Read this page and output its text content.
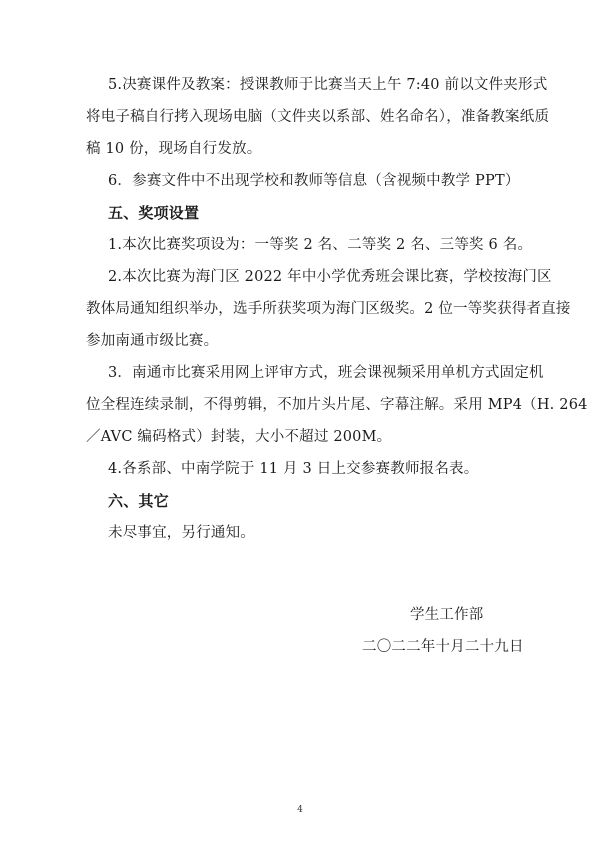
5.决赛课件及教案：授课教师于比赛当天上午 7:40 前以文件夹形式
将电子稿自行拷入现场电脑（文件夹以系部、姓名命名），准备教案纸质
稿 10 份，现场自行发放。
6．参赛文件中不出现学校和教师等信息（含视频中教学 PPT）
五、奖项设置
1.本次比赛奖项设为：一等奖 2 名、二等奖 2 名、三等奖 6 名。
2.本次比赛为海门区 2022 年中小学优秀班会课比赛，学校按海门区
教体局通知组织举办，选手所获奖项为海门区级奖。2 位一等奖获得者直接
参加南通市级比赛。
3．南通市比赛采用网上评审方式，班会课视频采用单机方式固定机
位全程连续录制，不得剪辑，不加片头片尾、字幕注解。采用 MP4（H. 264
／AVC 编码格式）封装，大小不超过 200M。
4.各系部、中南学院于 11 月 3 日上交参赛教师报名表。
六、其它
未尽事宜，另行通知。
学生工作部
二〇二二年十月二十九日
4
